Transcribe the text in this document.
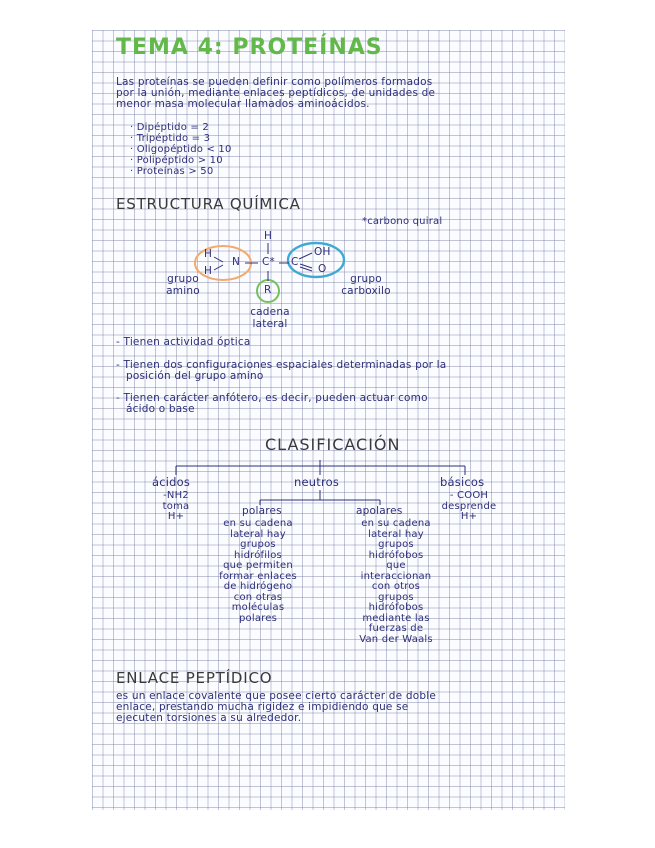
TEMA 4: PROTEÍNAS
Las proteínas se pueden definir como polímeros formados
por la unión, mediante enlaces peptídicos, de unidades de
menor masa molecular llamados aminoácidos.
· Dipéptido = 2
· Tripéptido = 3
· Oligopéptido < 10
· Polipéptido > 10
· Proteínas > 50
ESTRUCTURA QUÍMICA
*carbono quiral
H
H
H
N C* C
OH
O
R
grupo
amino
grupo
carboxilo
cadena
lateral
- Tienen actividad óptica
- Tienen dos configuraciones espaciales determinadas por la
posición del grupo amino
- Tienen carácter anfótero, es decir, pueden actuar como
ácido o base
CLASIFICACIÓN
ácidos
-NH2
toma
H+
neutros	básicos
- COOH
desprende
H+
polares
en su cadena
lateral hay
grupos
hidrófilos
que permiten
formar enlaces
de hidrógeno
con otras
moléculas
polares
apolares
en su cadena
lateral hay
grupos
hidrófobos
que
interaccionan
con otros
grupos
hidrófobos
mediante las
fuerzas de
Van der Waals
ENLACE PEPTÍDICO
es un enlace covalente que posee cierto carácter de doble
enlace, prestando mucha rigidez e impidiendo que se
ejecuten torsiones a su alrededor.
